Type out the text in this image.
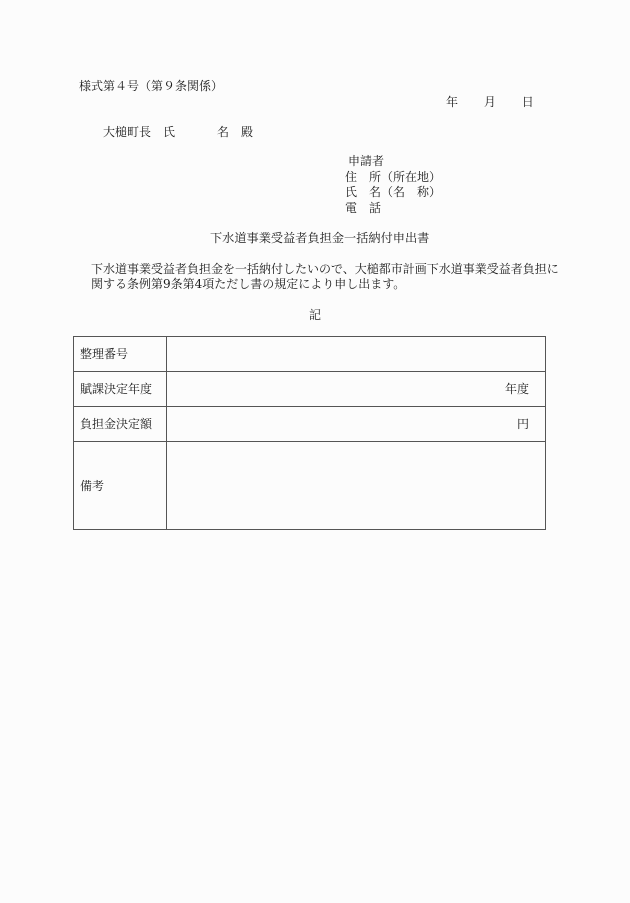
様式第４号（第９条関係）
年 月 日
大槌町長 氏	名 殿
申請者
住　所（所在地）
氏　名（名　称）
電　話
下水道事業受益者負担金一括納付申出書
下水道事業受益者負担金を一括納付したいので、大槌都市計画下水道事業受益者負担に
関する条例第9条第4項ただし書の規定により申し出ます。
記
整理番号	
賦課決定年度	年度
負担金決定額	円
備考	
